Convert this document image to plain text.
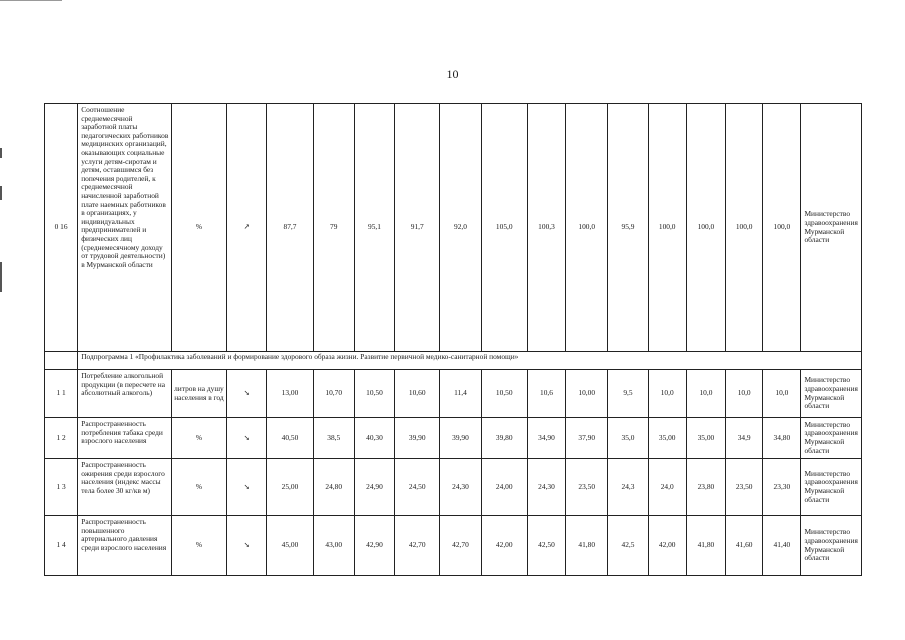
10
0 16	Соотношение среднемесячной заработной платы педагогических работников медицинских организаций, оказывающих социальные услуги детям-сиротам и детям, оставшимся без попечения родителей, к среднемесячной начисленной заработной плате наемных работников в организациях, у индивидуальных предпринимателей и физических лиц (среднемесячному доходу от трудовой деятельности) в Мурманской области	%	↗	87,7	79	95,1	91,7	92,0	105,0	100,3	100,0	95,9	100,0	100,0	100,0	100,0	Министерство здравоохранения Мурманской области
	Подпрограмма 1 «Профилактика заболеваний и формирование здорового образа жизни. Развитие первичной медико-санитарной помощи»																
1 1	Потребление алкогольной продукции (в пересчете на абсолютный алкоголь)	литров на душу населения в год	↘	13,00	10,70	10,50	10,60	11,4	10,50	10,6	10,00	9,5	10,0	10,0	10,0	10,0	Министерство здравоохранения Мурманской области
1 2	Распространенность потребления табака среди взрослого населения	%	↘	40,50	38,5	40,30	39,90	39,90	39,80	34,90	37,90	35,0	35,00	35,00	34,9	34,80	Министерство здравоохранения Мурманской области
1 3	Распространенность ожирения среди взрослого населения (индекс массы тела более 30 кг/кв м)	%	↘	25,00	24,80	24,90	24,50	24,30	24,00	24,30	23,50	24,3	24,0	23,80	23,50	23,30	Министерство здравоохранения Мурманской области
1 4	Распространенность повышенного артериального давления среди взрослого населения	%	↘	45,00	43,00	42,90	42,70	42,70	42,00	42,50	41,80	42,5	42,00	41,80	41,60	41,40	Министерство здравоохранения Мурманской области
